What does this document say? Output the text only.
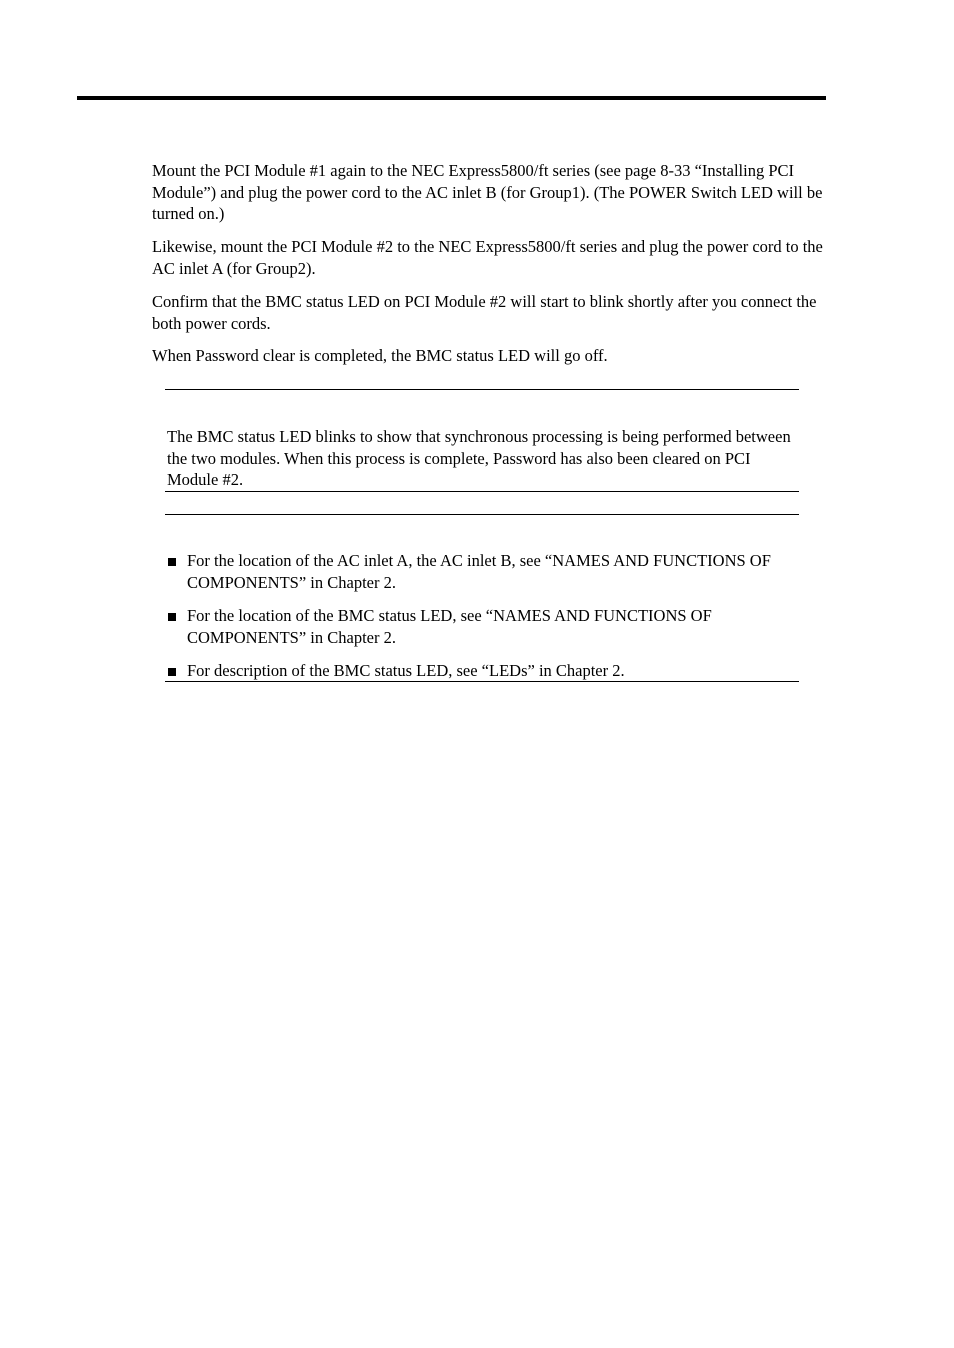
Mount the PCI Module #1 again to the NEC Express5800/ft series (see page 8-33 “Installing PCI Module”) and plug the power cord to the AC inlet B (for Group1). (The POWER Switch LED will be turned on.)

Likewise, mount the PCI Module #2 to the NEC Express5800/ft series and plug the power cord to the AC inlet A (for Group2).

Confirm that the BMC status LED on PCI Module #2 will start to blink shortly after you connect the both power cords.

When Password clear is completed, the BMC status LED will go off.

The BMC status LED blinks to show that synchronous processing is being performed between the two modules. When this process is complete, Password has also been cleared on PCI Module #2.

For the location of the AC inlet A, the AC inlet B, see “NAMES AND FUNCTIONS OF COMPONENTS” in Chapter 2.
For the location of the BMC status LED, see “NAMES AND FUNCTIONS OF COMPONENTS” in Chapter 2.
For description of the BMC status LED, see “LEDs” in Chapter 2.
